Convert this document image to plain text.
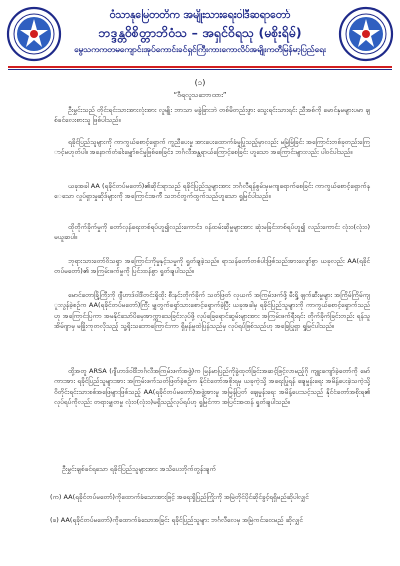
ဝံသာနုမြေတတိက အမျိုးသားရေးဝါဒီဆရာတော်
ဘဒ္ဒန္တဝိစိတ္တာဘိဝံသ – အရှင်ဝိရသု (မစိုးရိမ်)
မွေသကကတမကျောင်းအုပ်ကောင်းခင်ရှင်ကြီးကားကောလိပ်အမျိုးကတီမြန်မာ့ပြည်ရေး
(၁)
“ဝီရလူသဘောထား”
ဦးမွှင်းသည် တိုင်းရင်းသားအားလုံးအား လူမျိုး ဘာသာ မခွဲခြားဘဲ တစ်မိတည်းဖွား သွေးရင်းသားရင်း ညီအစ်ကို မောင်နှမများပမာ ချစ်ခင်လေးစားသူ ဖြစ်ပါသည်။
ရခိုင်ပြည်သူများကို ကာကွယ်စောင့်ရှောက် ကူညီပေးမှု အားပေးထောက်ခံမှုပြုသည့်မှာလည်း မမြဲမြံခြင်း အကြောင်းတစ်ခုတည်းကြောင့်မဟုတ်ပါ။ အနောက်တံခါးမျှော်စင်မှုဖြစ်စေခြင်း၊ ဘင်္ဂလီအန္တရာယ်ကြောင့်စေခြင်း ဟူသော အကြောင်းများလည်း ပါဝင်ပါသည်။
ယခုအခါ AA (ရခိုင်တပ်မတော်)၏ဆိုင်းရာသည် ရခိုင်ပြည်သူများအား ဘင်္ဂလီရန်စွမ်းမှမကျရောက်စေခြင်း ကာကွယ်စောင့်ရှောက်နေသော လှုပ်ရှားမှုဆိုဒ်များကို အကြောင်းအက်ိ သဘင်တွက်ထွက်သည်ဟူသော ရှုမြင်ပါသည်။
ထိုတိုက်ခိုက်မှုကို တော်လှန်ရေးတစ်ရပ်ဟူ၍လည်းကောင်း၊ ဝန်ထမ်းဆိုမှုများအား ဆုံးမခြင်းတစ်ရပ်ဟူ၍ လည်းကောင်း လုံးဝ(လုံးဝ) မယူဆပါ။
ဘုရားသားတော်ဝိသရှာ အကြောင်းကိုမှုနှင့်သမှုကို ရှုတ်ချခဲ့သည်။ ရာသန်တော်တစ်ပါးဖြစ်သည်အားလျော်စွာ ယခုလည်း AA(ရခိုင်တပ်မတော်)၏ အကြမ်းဖက်မှုကို ပြင်းထန်စွာ ရှုတ်ချပါသည်။
မောင်တောခြို့ကြီးကို ဂျီဟာဒ်ဝါဒီတင်းရှိထိုး စီးနင်းတိုက်ခိုက် သတ်ဖြတ် လုယက် အကြမ်းဖက်ဖို့ မီးရှို့ ဖျက်ဆီးမှုများ အကြိမ်ကြိမ်ကျူးလွန်ခဲ့စဉ်က AA(ရခိုင်တပ်မတော်)ကြီး မျှတွက်ရှော်သားစောင့်ရှောက်ခဲ့ပြီး ယခုအခါမှ ရခိုင်ပြည်သူများကို ကာကွယ်စောင့်ရှောက်သည်ဟု အကြောင်းပြကာ အမနိုင်သော်ပိမှေအာက္ကာသေခြင်းလုပ်ဖို့ လုပ်ခြေရောင်ဆွမ်းများအား အကြမ်းဖက်ရီးရင်း တိုက်ခိုက်ခြင်းတည်း ရန်သူအိမ်ဂျာမှ မခြိုးကုတလိုသည့် သူ့ရိုးသဘောကြောင်းကာ ရှိမှန်မှုထဲပြန်သည်မှ လုပ်ရပ်ဖြစ်သည်ဟု အခြေပြုရှာ ရှုမြင်ပါသည်။
ထို့အတူ ARSA (ဂျီဟာဒ်ဝါဒီဘင်္ဂလီအကြမ်းဖက်အဖွဲ့)က မြန်မာပြည်ကိုခွဲထုတ်ခြင်းအဆင့်ဖြင့်လာမည့်ဂို ကျူးကျော်ခဲ့တော်ကို မော်ကားအား ရခိုင်ပြည်သူများအား အကြမ်းဖက်သတ်ဖြတ်ခဲ့စဉ်က နိုင်ငံတော်အစိုးရမှ ယခုကဲ့သို့ အရေးပြုရန် ချေမှုန်းရေး အမိန့်ပေးခဲ့သကဲ့သို့ ဝိတိုင်းရင်းသားစစ်အဖြေများဖြစ်သည့် AA(ရခိုင်တပ်မတော်)အဖွဲ့အားမူ အမြန်ပြတ် ချေမှုန်းရေး အမိန့်ပေးသင့်သည် နိုင်ငံတော်အစိုးရ၏ လုပ်ရပ်ကိုလည်း တရားမျှတမှု လုံးဝ(လုံးဝ)မရှိသည့်လုပ်ရပ်ဟု ရှုမြင်ကာ အပြင်းအထန် ရှုတ်ချပါသည်။
ဦးမွှင်းချစ်ခင်ရသော ရခိုင်ပြည်သူများအား အသိပေးတိုက်တွန်းချက်
(က) AA(ရခိုင်တပ်မတော်)ကိုထောက်ခံသောအားဖြင့် အရေးရှိပြည်ကြိုးကို အမြဲတိုင်ပိုင်ဆိုင်ခွင့်ရရှိမည်ဆိုပါလျှင်
(ခ) AA(ရခိုင်တပ်မတော်)ကိုထောက်ခံသောအခြင်း ရခိုင်ပြည်သူများ ဘင်္ဂလီလေမှ အမြဲကင်းဝေးမည် ဆိုလျှင်
